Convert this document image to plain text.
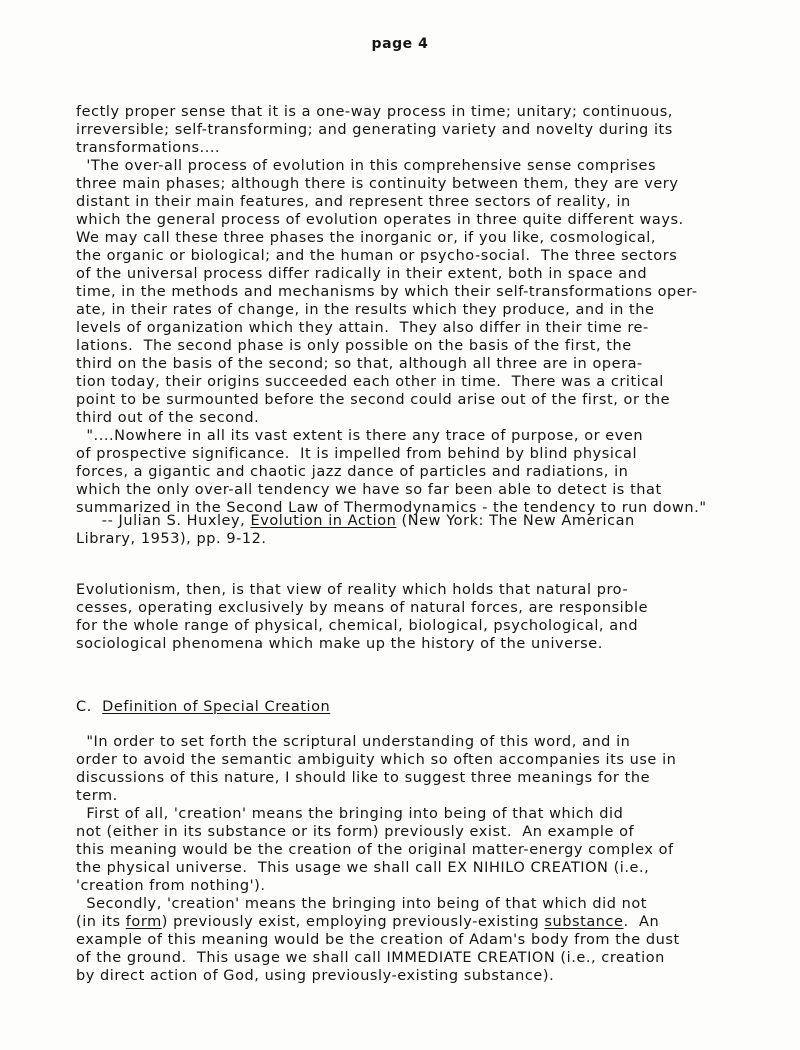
page 4
fectly proper sense that it is a one-way process in time; unitary; continuous,
irreversible; self-transforming; and generating variety and novelty during its
transformations....
'The over-all process of evolution in this comprehensive sense comprises
three main phases; although there is continuity between them, they are very
distant in their main features, and represent three sectors of reality, in
which the general process of evolution operates in three quite different ways.
We may call these three phases the inorganic or, if you like, cosmological,
the organic or biological; and the human or psycho-social.  The three sectors
of the universal process differ radically in their extent, both in space and
time, in the methods and mechanisms by which their self-transformations oper-
ate, in their rates of change, in the results which they produce, and in the
levels of organization which they attain.  They also differ in their time re-
lations.  The second phase is only possible on the basis of the first, the
third on the basis of the second; so that, although all three are in opera-
tion today, their origins succeeded each other in time.  There was a critical
point to be surmounted before the second could arise out of the first, or the
third out of the second.
"....Nowhere in all its vast extent is there any trace of purpose, or even
of prospective significance.  It is impelled from behind by blind physical
forces, a gigantic and chaotic jazz dance of particles and radiations, in
which the only over-all tendency we have so far been able to detect is that
summarized in the Second Law of Thermodynamics - the tendency to run down."
-- Julian S. Huxley, Evolution in Action (New York: The New American
Library, 1953), pp. 9-12.
Evolutionism, then, is that view of reality which holds that natural pro-
cesses, operating exclusively by means of natural forces, are responsible
for the whole range of physical, chemical, biological, psychological, and
sociological phenomena which make up the history of the universe.
C.  Definition of Special Creation
"In order to set forth the scriptural understanding of this word, and in
order to avoid the semantic ambiguity which so often accompanies its use in
discussions of this nature, I should like to suggest three meanings for the
term.
First of all, 'creation' means the bringing into being of that which did
not (either in its substance or its form) previously exist.  An example of
this meaning would be the creation of the original matter-energy complex of
the physical universe.  This usage we shall call EX NIHILO CREATION (i.e.,
'creation from nothing').
Secondly, 'creation' means the bringing into being of that which did not
(in its form) previously exist, employing previously-existing substance.  An
example of this meaning would be the creation of Adam's body from the dust
of the ground.  This usage we shall call IMMEDIATE CREATION (i.e., creation
by direct action of God, using previously-existing substance).
